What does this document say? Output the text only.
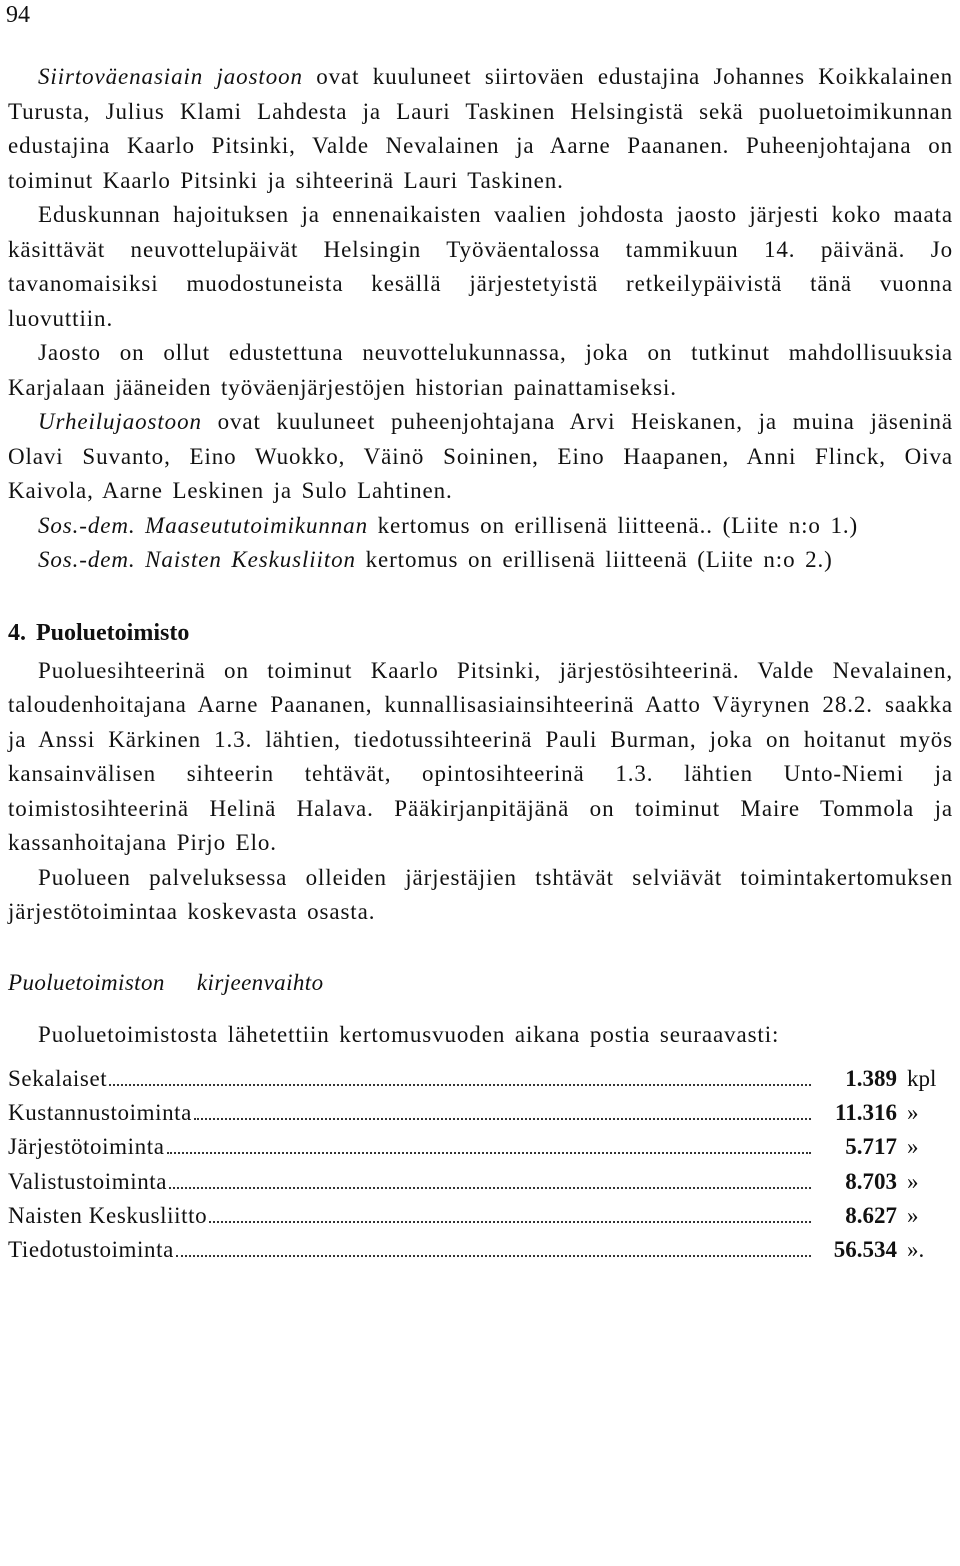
94

Siirtoväenasiain jaostoon ovat kuuluneet siirtoväen edustajina Johannes Koikkalainen Turusta, Julius Klami Lahdesta ja Lauri Taskinen Helsingistä sekä puoluetoimikunnan edustajina Kaarlo Pitsinki, Valde Nevalainen ja Aarne Paananen. Puheenjohtajana on toiminut Kaarlo Pitsinki ja sihteerinä Lauri Taskinen.

Eduskunnan hajoituksen ja ennenaikaisten vaalien johdosta jaosto järjesti koko maata käsittävät neuvottelupäivät Helsingin Työväentalossa tammikuun 14. päivänä. Jo tavanomaisiksi muodostuneista kesällä järjestetyistä retkeilypäivistä tänä vuonna luovuttiin.

Jaosto on ollut edustettuna neuvottelukunnassa, joka on tutkinut mahdollisuuksia Karjalaan jääneiden työväenjärjestöjen historian painattamiseksi.

Urheilujaostoon ovat kuuluneet puheenjohtajana Arvi Heiskanen, ja muina jäseninä Olavi Suvanto, Eino Wuokko, Väinö Soininen, Eino Haapanen, Anni Flinck, Oiva Kaivola, Aarne Leskinen ja Sulo Lahtinen.

Sos.-dem. Maaseututoimikunnan kertomus on erillisenä liitteenä.. (Liite n:o 1.)

Sos.-dem. Naisten Keskusliiton kertomus on erillisenä liitteenä (Liite n:o 2.)

4. Puoluetoimisto

Puoluesihteerinä on toiminut Kaarlo Pitsinki, järjestösihteerinä. Valde Nevalainen, taloudenhoitajana Aarne Paananen, kunnallisasiainsihteerinä Aatto Väyrynen 28.2. saakka ja Anssi Kärkinen 1.3. lähtien, tiedotussihteerinä Pauli Burman, joka on hoitanut myös kansainvälisen sihteerin tehtävät, opintosihteerinä 1.3. lähtien Unto-Niemi ja toimistosihteerinä Helinä Halava. Pääkirjanpitäjänä on toiminut Maire Tommola ja kassanhoitajana Pirjo Elo.

Puolueen palveluksessa olleiden järjestäjien tshtävät selviävät toimintakertomuksen järjestötoimintaa koskevasta osasta.

Puoluetoimiston kirjeenvaihto

Puoluetoimistosta lähetettiin kertomusvuoden aikana postia seuraavasti:

Sekalaiset	1.389 kpl
Kustannustoiminta	11.316 »
Järjestötoiminta	5.717 »
Valistustoiminta	8.703 »
Naisten Keskusliitto	8.627 »
Tiedotustoiminta	56.534 ».
